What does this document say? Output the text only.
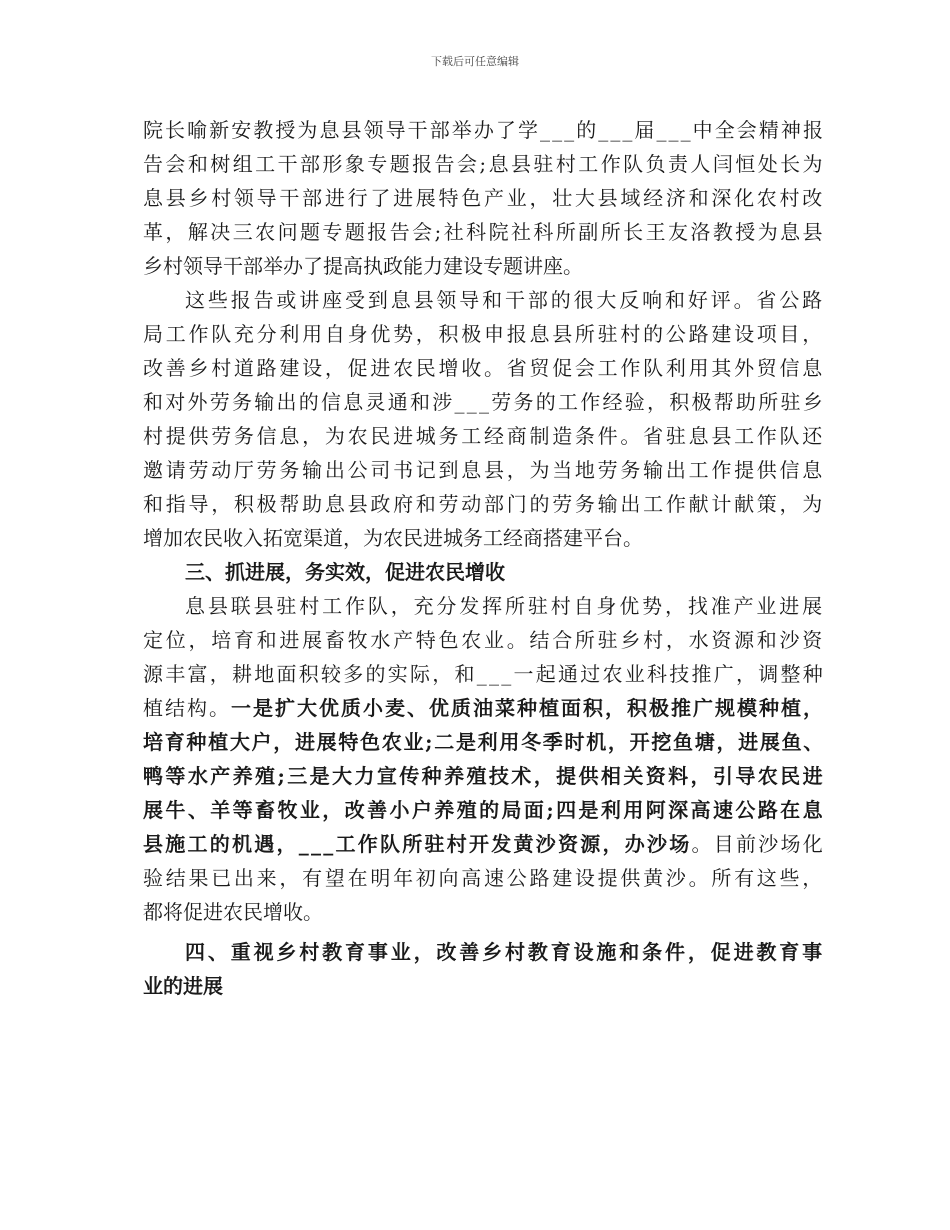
下载后可任意编辑
院长喻新安教授为息县领导干部举办了学___的___届___中全会精神报
告会和树组工干部形象专题报告会;息县驻村工作队负责人闫恒处长为
息县乡村领导干部进行了进展特色产业，壮大县域经济和深化农村改
革，解决三农问题专题报告会;社科院社科所副所长王友洛教授为息县
乡村领导干部举办了提高执政能力建设专题讲座。
这些报告或讲座受到息县领导和干部的很大反响和好评。省公路
局工作队充分利用自身优势，积极申报息县所驻村的公路建设项目，
改善乡村道路建设，促进农民增收。省贸促会工作队利用其外贸信息
和对外劳务输出的信息灵通和涉___劳务的工作经验，积极帮助所驻乡
村提供劳务信息，为农民进城务工经商制造条件。省驻息县工作队还
邀请劳动厅劳务输出公司书记到息县，为当地劳务输出工作提供信息
和指导，积极帮助息县政府和劳动部门的劳务输出工作献计献策，为
增加农民收入拓宽渠道，为农民进城务工经商搭建平台。
三、抓进展，务实效，促进农民增收
息县联县驻村工作队，充分发挥所驻村自身优势，找准产业进展
定位，培育和进展畜牧水产特色农业。结合所驻乡村，水资源和沙资
源丰富，耕地面积较多的实际，和___一起通过农业科技推广，调整种
植结构。一是扩大优质小麦、优质油菜种植面积，积极推广规模种植，
培育种植大户，进展特色农业;二是利用冬季时机，开挖鱼塘，进展鱼、
鸭等水产养殖;三是大力宣传种养殖技术，提供相关资料，引导农民进
展牛、羊等畜牧业，改善小户养殖的局面;四是利用阿深高速公路在息
县施工的机遇，___工作队所驻村开发黄沙资源，办沙场。目前沙场化
验结果已出来，有望在明年初向高速公路建设提供黄沙。所有这些，
都将促进农民增收。
四、重视乡村教育事业，改善乡村教育设施和条件，促进教育事
业的进展
